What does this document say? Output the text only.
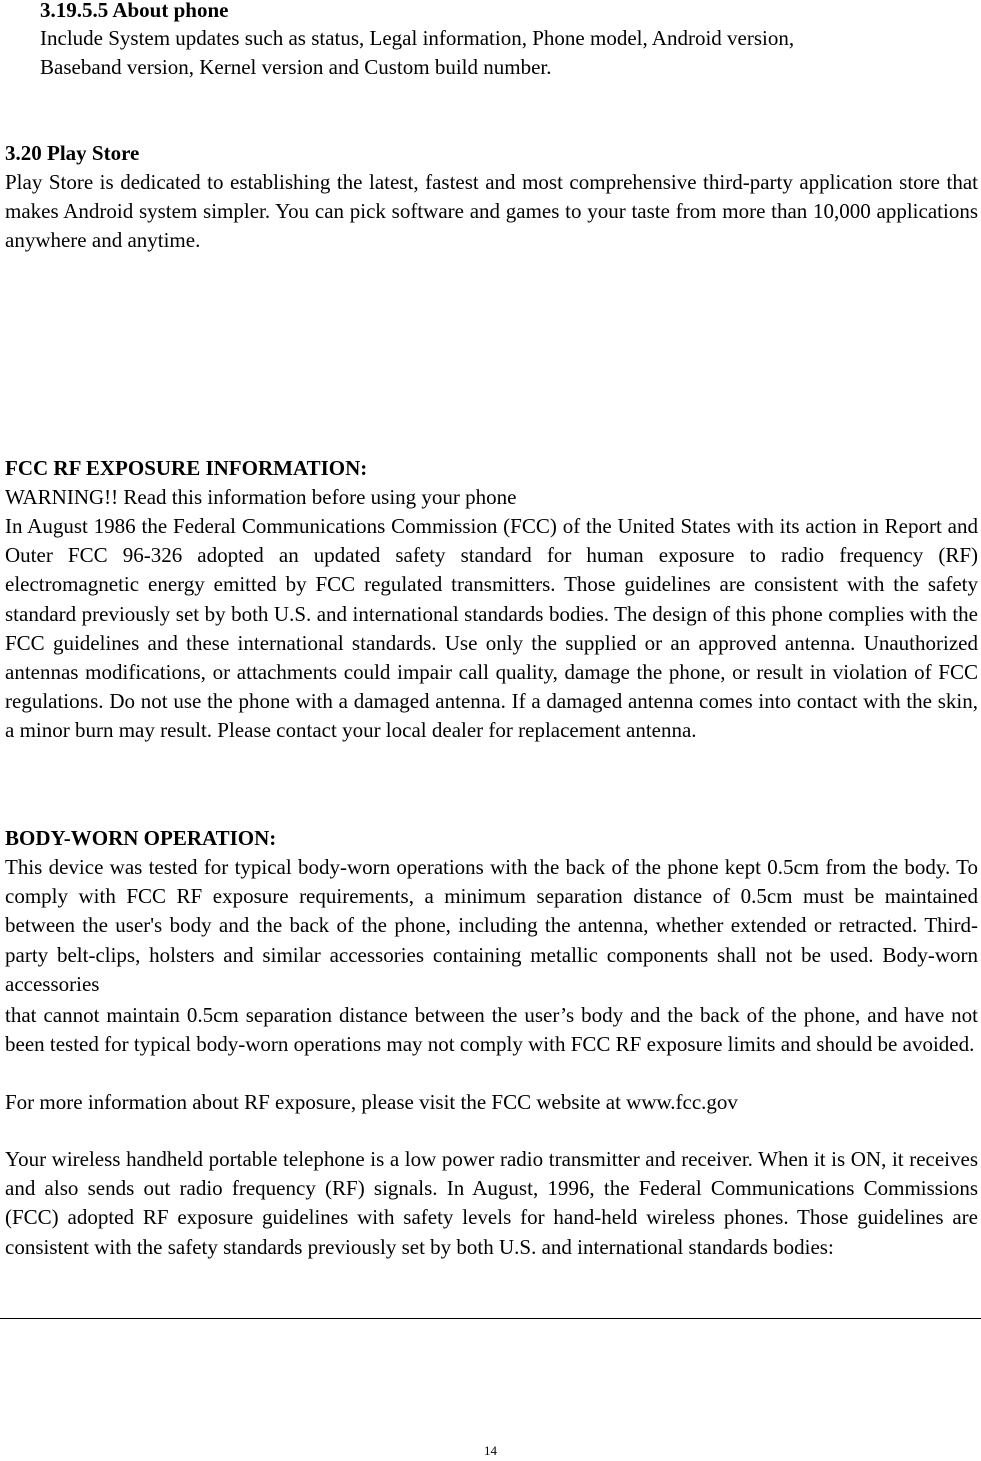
3.19.5.5 About phone
Include System updates such as status, Legal information, Phone model, Android version,
Baseband version, Kernel version and Custom build number.
3.20 Play Store

Play Store is dedicated to establishing the latest, fastest and most comprehensive third-party application store that makes Android system simpler. You can pick software and games to your taste from more than 10,000 applications anywhere and anytime.

FCC RF EXPOSURE INFORMATION:
WARNING!! Read this information before using your phone

In August 1986 the Federal Communications Commission (FCC) of the United States with its action in Report and Outer FCC 96-326 adopted an updated safety standard for human exposure to radio frequency (RF) electromagnetic energy emitted by FCC regulated transmitters. Those guidelines are consistent with the safety standard previously set by both U.S. and international standards bodies. The design of this phone complies with the FCC guidelines and these international standards. Use only the supplied or an approved antenna. Unauthorized antennas modifications, or attachments could impair call quality, damage the phone, or result in violation of FCC regulations. Do not use the phone with a damaged antenna. If a damaged antenna comes into contact with the skin, a minor burn may result. Please contact your local dealer for replacement antenna.

BODY-WORN OPERATION:

This device was tested for typical body-worn operations with the back of the phone kept 0.5cm from the body. To comply with FCC RF exposure requirements, a minimum separation distance of 0.5cm must be maintained between the user's body and the back of the phone, including the antenna, whether extended or retracted. Third-party belt-clips, holsters and similar accessories containing metallic components shall not be used. Body-worn accessories

that cannot maintain 0.5cm separation distance between the user’s body and the back of the phone, and have not been tested for typical body-worn operations may not comply with FCC RF exposure limits and should be avoided.

For more information about RF exposure, please visit the FCC website at www.fcc.gov

Your wireless handheld portable telephone is a low power radio transmitter and receiver. When it is ON, it receives and also sends out radio frequency (RF) signals. In August, 1996, the Federal Communications Commissions (FCC) adopted RF exposure guidelines with safety levels for hand-held wireless phones. Those guidelines are consistent with the safety standards previously set by both U.S. and international standards bodies:

14
